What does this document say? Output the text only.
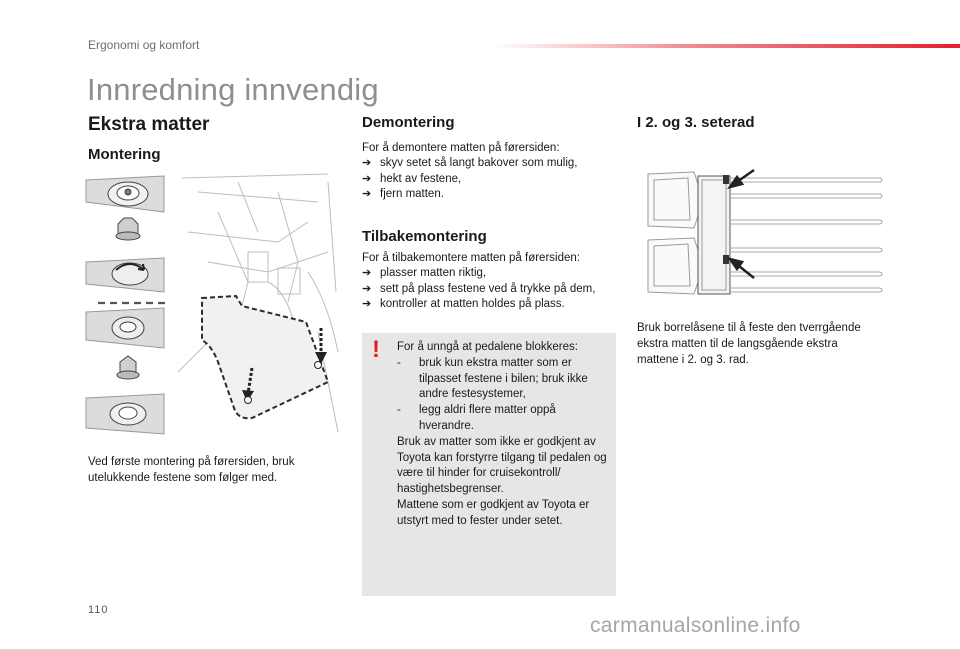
Ergonomi og komfort
Innredning innvendig
Ekstra matter
Montering

Ved første montering på førersiden, bruk utelukkende festene som følger med.

Demontering

For å demontere matten på førersiden:

➔ skyv setet så langt bakover som mulig,
➔ hekt av festene,
➔ fjern matten.
Tilbakemontering

For å tilbakemontere matten på førersiden:

➔ plasser matten riktig,
➔ sett på plass festene ved å trykke på dem,
➔ kontroller at matten holdes på plass.
! For å unngå at pedalene blokkeres:
-	bruk kun ekstra matter som er tilpasset festene i bilen; bruk ikke andre festesystemer,
-	legg aldri flere matter oppå hverandre.
Bruk av matter som ikke er godkjent av Toyota kan forstyrre tilgang til pedalen og være til hinder for cruisekontroll/ hastighetsbegrenser.
Mattene som er godkjent av Toyota er utstyrt med to fester under setet.
I 2. og 3. seterad

Bruk borrelåsene til å feste den tverrgående ekstra matten til de langsgående ekstra mattene i 2. og 3. rad.

110
carmanualsonline.info
